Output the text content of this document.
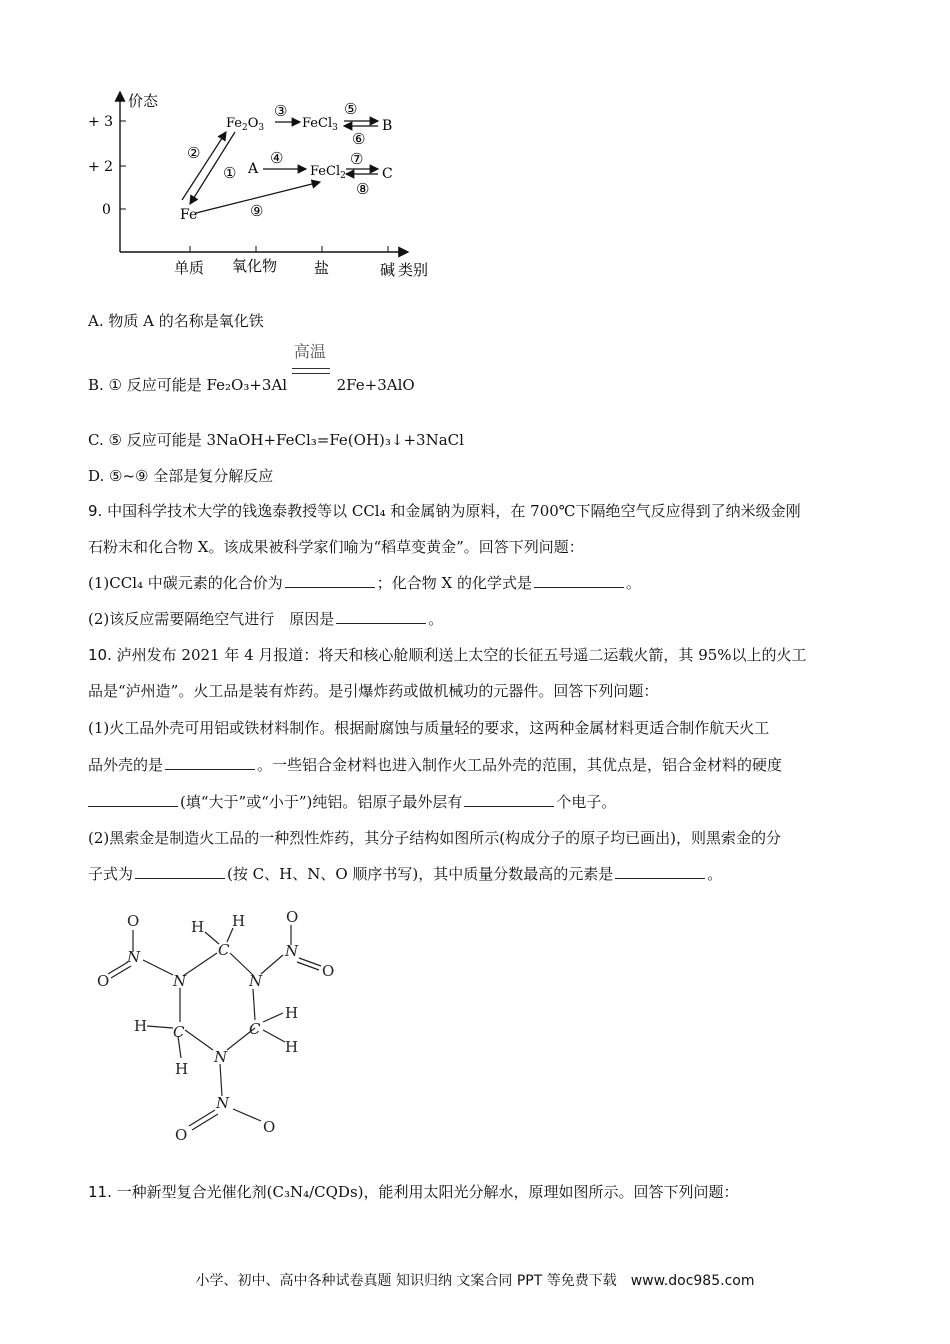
价态
+ 3
+ 2
0
单质 氧化物 盐	碱 类别
$Fe_2O_3$	FeCl$_3$	B
A	FeCl$_2$	C
Fe
①
②
③
④
⑤
⑥
⑦
⑧
⑨
A. 物质 A 的名称是氧化铁
B. ① 反应可能是 Fe₂O₃+3Al
高温
2Fe+3AlO
C. ⑤ 反应可能是 3NaOH+FeCl₃=Fe(OH)₃↓+3NaCl
D. ⑤~⑨ 全部是复分解反应
9. 中国科学技术大学的钱逸泰教授等以 CCl₄ 和金属钠为原料，在 700℃下隔绝空气反应得到了纳米级金刚
石粉末和化合物 X。该成果被科学家们喻为“稻草变黄金”。回答下列问题：
(1)CCl₄ 中碳元素的化合价为	；化合物 X 的化学式是	。
(2)该反应需要隔绝空气进行　原因是	。
10. 泸州发布 2021 年 4 月报道：将天和核心舱顺利送上太空的长征五号遥二运载火箭，其 95%以上的火工
品是“泸州造”。火工品是装有炸药。是引爆炸药或做机械功的元器件。回答下列问题：
(1)火工品外壳可用铝或铁材料制作。根据耐腐蚀与质量轻的要求，这两种金属材料更适合制作航天火工
品外壳的是	。一些铝合金材料也进入制作火工品外壳的范围，其优点是，铝合金材料的硬度
(填“大于”或“小于”)纯铝。铝原子最外层有	个电子。
(2)黑索金是制造火工品的一种烈性炸药，其分子结构如图所示(构成分子的原子均已画出)，则黑索金的分
子式为	(按 C、H、N、O 顺序书写)，其中质量分数最高的元素是	。
C
C	C
N	N
N
N	N
N
H H
H
H
H
H
O
O
O
O
O	O
11. 一种新型复合光催化剂(C₃N₄/CQDs)，能利用太阳光分解水，原理如图所示。回答下列问题：
小学、初中、高中各种试卷真题 知识归纳 文案合同 PPT 等免费下载　www.doc985.com
